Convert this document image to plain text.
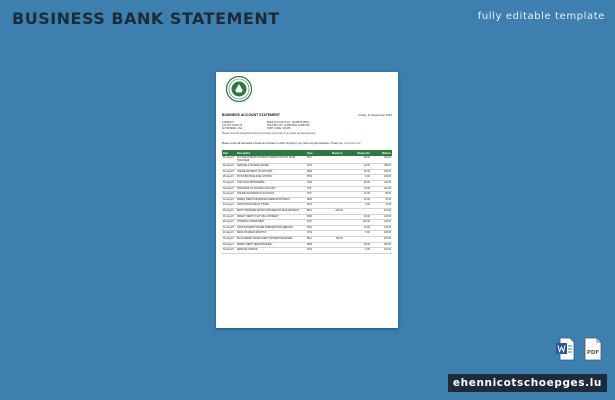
BUSINESS BANK STATEMENT	fully editable template
BUSINESS ACCOUNT STATEMENT	Friday, 11 September 2015
COMPANY
123 ANYTOWN ST
ANYWHERE, USA
BANK ACCOUNT NO: 12345678 ABCD
ROUTING NO: 1234567890 123456789
SORT CODE: 123456
Please check all transactions below and contact us promptly if you notice any discrepancies.
Please check all transactions below and contact us within 30 days if you notice any discrepancies. Thank you. www.bank.com
Date	Description	Type	Money In	Money Out	Balance
01-Aug-15	FUTURE FUNDING PAYMENT FROM ACCOUNT 12345 TRANSFER	FPO		80.00	180.00
02-Aug-15	SERVICE & CHARGE ISSUED	CHG		12.00	168.00
04-Aug-15	ONLINE PAYMENT TO ACCOUNT	DDR		15.00	153.00
05-Aug-15	POS PURCHASE FUEL STATION	POS		8.00	145.00
07-Aug-15	ATM CASH WITHDRAWAL	ATM		25.00	120.00
09-Aug-15	TRANSFER TO SAVINGS ACCOUNT	TFR		10.00	110.00
10-Aug-15	ONLINE TRANSFER TO ACCOUNT	TFR		12.00	98.00
12-Aug-15	DIRECT DEBIT INSURANCE PREMIUM PAYMENT	DDR		20.00	78.00
14-Aug-15	CARD PURCHASE AT STORE	POS		5.00	73.00
16-Aug-15	BANK TRANSFER FROM CUSTOMER INVOICE PAYMENT	BGC	200.00		273.00
18-Aug-15	DIRECT DEBIT UTILITY BILL PAYMENT	DDR		30.00	243.00
20-Aug-15	STANDING ORDER RENT	STO		100.00	143.00
22-Aug-15	CARD PAYMENT ONLINE SUBSCRIPTION SERVICE	POS		10.00	133.00
24-Aug-15	BANK CHARGES MONTHLY	CHG		5.00	128.00
26-Aug-15	BACS CREDIT FROM CLIENT PAYMENT RECEIVED	BGC	150.00		278.00
28-Aug-15	DIRECT DEBIT TELEPHONE BILL	DDR		25.00	253.00
30-Aug-15	SERVICE CHARGE	CHG		6.00	247.00
PDF
ehennicotschoepges.lu
